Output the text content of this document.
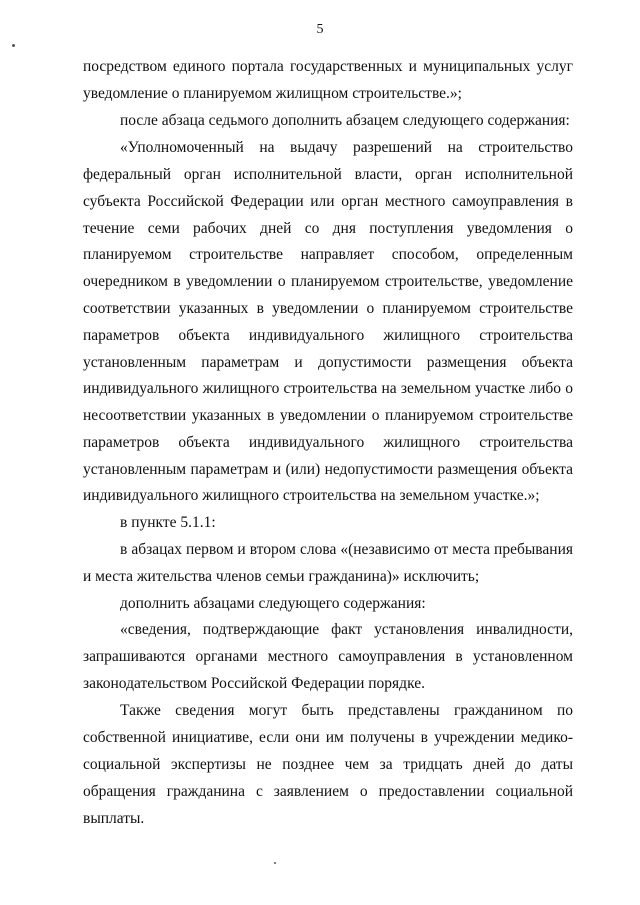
5
посредством единого портала государственных и муниципальных услуг
уведомление о планируемом жилищном строительстве.»;
после абзаца седьмого дополнить абзацем следующего содержания:
«Уполномоченный на выдачу разрешений на строительство
федеральный орган исполнительной власти, орган исполнительной
субъекта Российской Федерации или орган местного самоуправления в
течение семи рабочих дней со дня поступления уведомления о
планируемом строительстве направляет способом, определенным
очередником в уведомлении о планируемом строительстве, уведомление
соответствии указанных в уведомлении о планируемом строительстве
параметров объекта индивидуального жилищного строительства
установленным параметрам и допустимости размещения объекта
индивидуального жилищного строительства на земельном участке либо о
несоответствии указанных в уведомлении о планируемом строительстве
параметров объекта индивидуального жилищного строительства
установленным параметрам и (или) недопустимости размещения объекта
индивидуального жилищного строительства на земельном участке.»;
в пункте 5.1.1:
в абзацах первом и втором слова «(независимо от места пребывания
и места жительства членов семьи гражданина)» исключить;
дополнить абзацами следующего содержания:
«сведения, подтверждающие факт установления инвалидности,
запрашиваются органами местного самоуправления в установленном
законодательством Российской Федерации порядке.
Также сведения могут быть представлены гражданином по
собственной инициативе, если они им получены в учреждении медико-
социальной экспертизы не позднее чем за тридцать дней до даты
обращения гражданина с заявлением о предоставлении социальной
выплаты.
